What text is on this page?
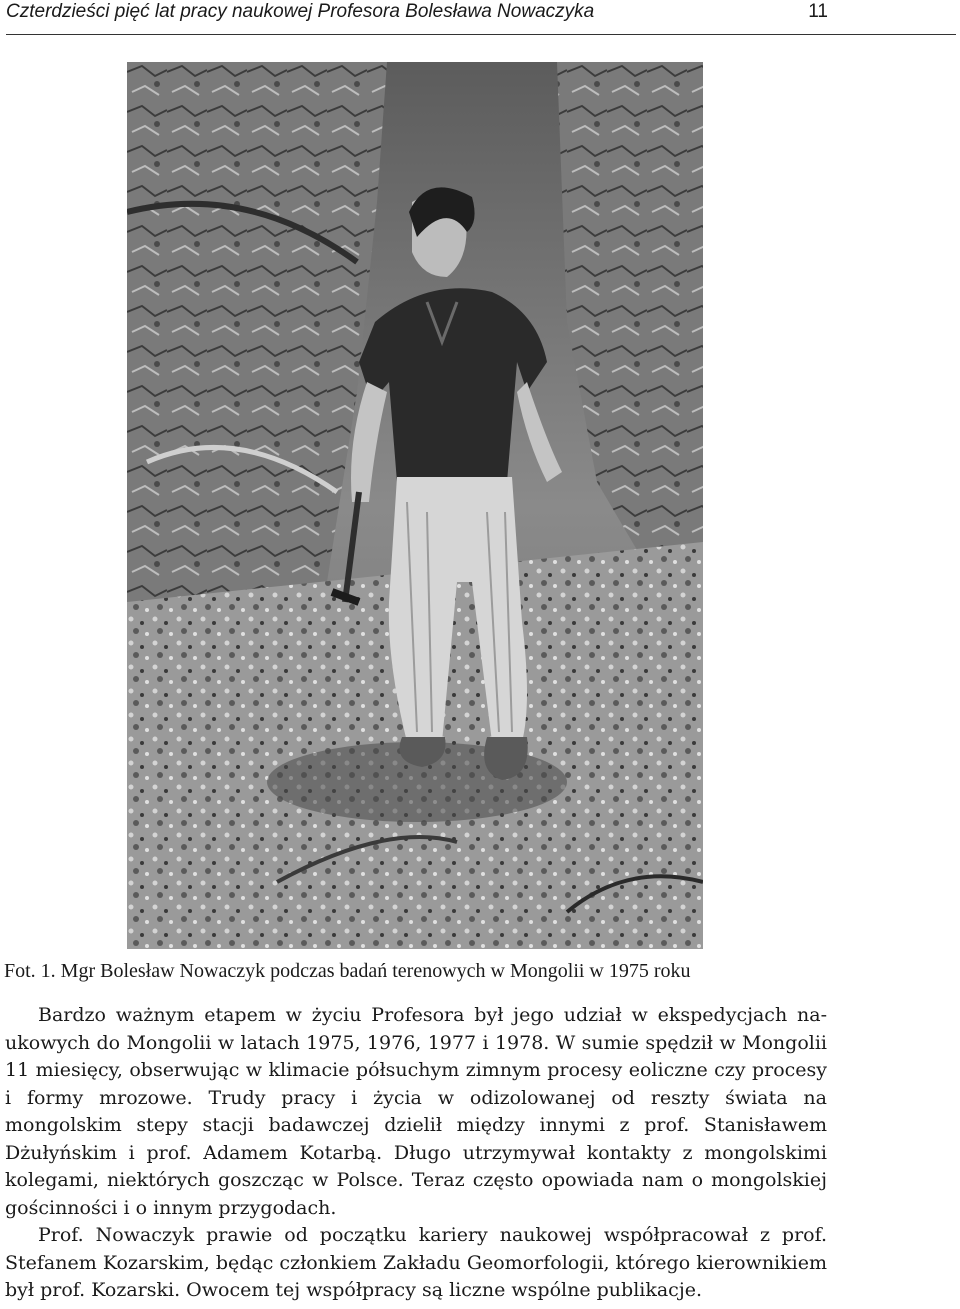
Czterdzieści pięć lat pracy naukowej Profesora Bolesława Nowaczyka	11
Fot. 1. Mgr Bolesław Nowaczyk podczas badań terenowych w Mongolii w 1975 roku

Bardzo ważnym etapem w życiu Profesora był jego udział w ekspedycjach naukowych do Mongolii w latach 1975, 1976, 1977 i 1978. W sumie spędził w Mongolii 11 miesięcy, obserwując w klimacie półsuchym zimnym procesy eoliczne czy procesy i formy mrozowe. Trudy pracy i życia w odizolowanej od reszty świata na mongolskim stepy stacji badawczej dzielił między innymi z prof. Stanisławem Dżułyńskim i prof. Adamem Kotarbą. Długo utrzymywał kontakty z mongolskimi kolegami, niektórych goszcząc w Polsce. Teraz często opowiada nam o mongolskiej gościnności i o innym przygodach.

Prof. Nowaczyk prawie od początku kariery naukowej współpracował z prof. Stefanem Kozarskim, będąc członkiem Zakładu Geomorfologii, którego kierownikiem był prof. Kozarski. Owocem tej współpracy są liczne wspólne publikacje.
